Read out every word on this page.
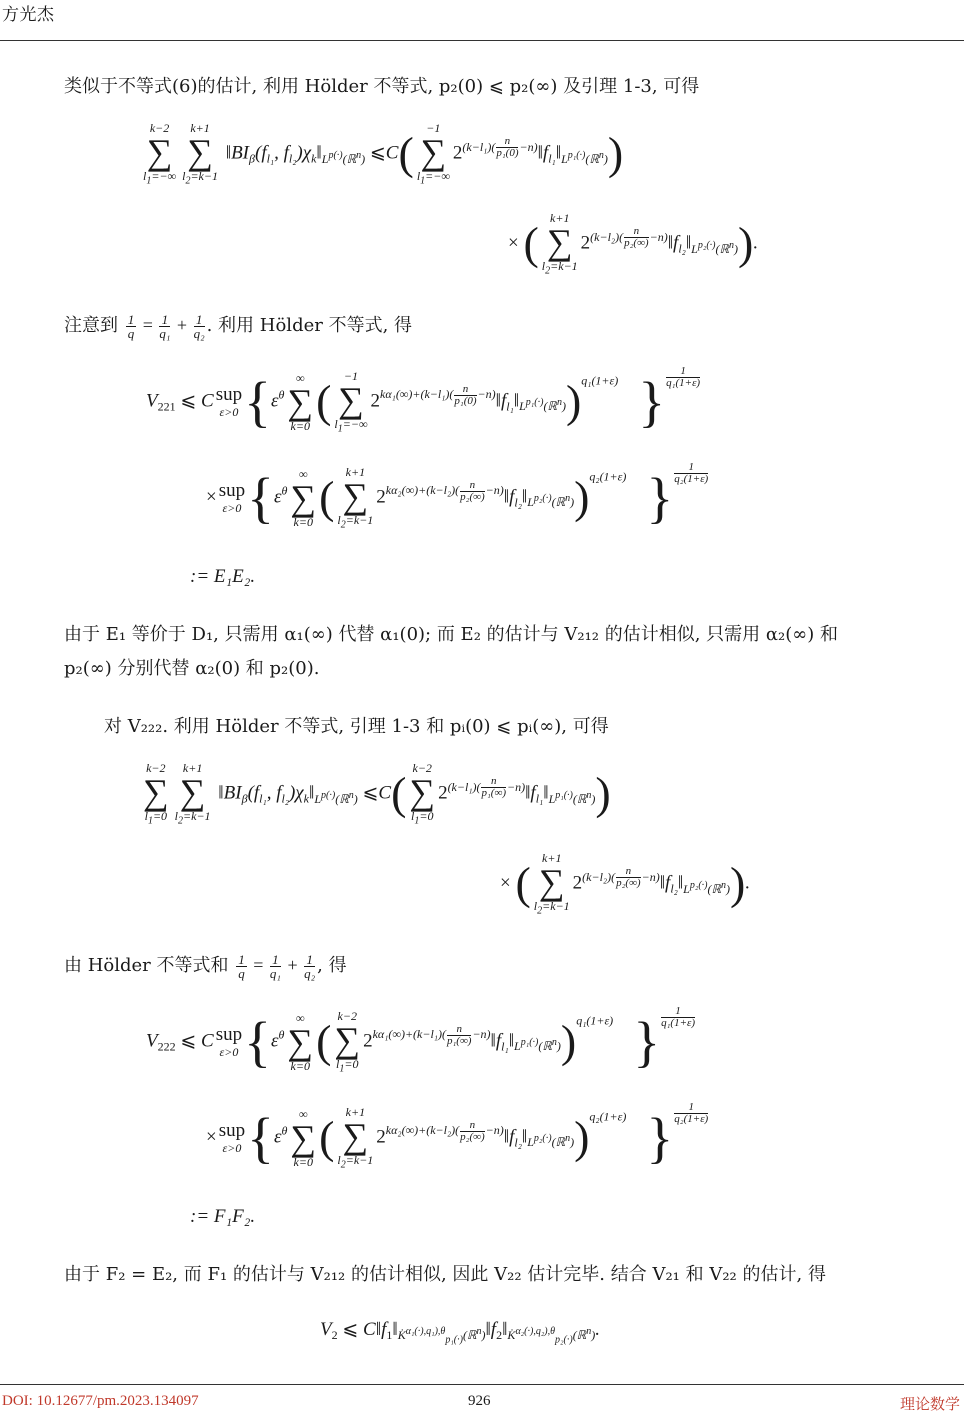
方光杰
类似于不等式(6)的估计, 利用 Hölder 不等式, p₂(0) ⩽ p₂(∞) 及引理 1-3, 可得
k−2
∑
$l_1=-\infty$
k+1
∑
$l_2=k-1$
$‖BI_\beta(f_{l_1}$, $f_{l_2})\chi_k‖_{L^{p(\cdot)}(ℝ^n)}$ ⩽C(	−1
∑
$l_1=-\infty$
$2^{(k-l_1)( \frac{n}{\text{p₁(0)}} -n)}‖f_{l_1}‖_{L^{p_1(\cdot)}(ℝ^n)}$)
× ( k+1
∑
$l_2=k-1$
$2^{(k-l_2)( \frac{n}{\text{p₂(∞)}} -n)}‖f_{l_2}‖_{L^{p_2(\cdot)}(ℝ^n)}$).
注意到 $\frac{1}{q} = \frac{1}{\text{q₁}} + \frac{1}{\text{q₂}}$ . 利用 Hölder 不等式, 得
$V_{221}$ ⩽ C sup
ε>0 {$\varepsilon^\theta$
∞
∑
k=0 (	−1
∑
$l_1=-\infty$
$2^{k\alpha_1(\infty)+(k-l_1)( \frac{n}{\text{p₁(0)}} -n)}‖f_{l_1}‖_{L^{p_1(\cdot)}(ℝ^n)})^{q_1(1+\varepsilon)}$ } $^{\frac{1}{\text{q₁(1+ε)}}}$
× sup
ε>0 {$\varepsilon^\theta$
∞
∑
k=0 ( k+1
∑
$l_2=k-1$
$2^{k\alpha_2(\infty)+(k-l_2)( \frac{n}{\text{p₂(∞)}} -n)}‖f_{l_2}‖_{L^{p_2(\cdot)}(ℝ^n)})^{q_2(1+\varepsilon)}$ } $^{\frac{1}{\text{q₂(1+ε)}}}$
:= E₁E₂.
由于 E₁ 等价于 D₁, 只需用 α₁(∞) 代替 α₁(0); 而 E₂ 的估计与 V₂₁₂ 的估计相似, 只需用 α₂(∞) 和
p₂(∞) 分别代替 α₂(0) 和 p₂(0).
对 V₂₂₂. 利用 Hölder 不等式, 引理 1-3 和 pᵢ(0) ⩽ pᵢ(∞), 可得
k−2
∑
$l_1=0$
k+1
∑
$l_2=k-1$
$‖BI_\beta(f_{l_1}$, $f_{l_2})\chi_k‖_{L^{p(\cdot)}(ℝ^n)}$ ⩽C( k−2
∑
$l_1=0$
$2^{(k-l_1)( \frac{n}{\text{p₁(∞)}} -n)}‖f_{l_1}‖_{L^{p_1(\cdot)}(ℝ^n)}$)
× ( k+1
∑
$l_2=k-1$
$2^{(k-l_2)( \frac{n}{\text{p₂(∞)}} -n)}‖f_{l_2}‖_{L^{p_2(\cdot)}(ℝ^n)}$).
由 Hölder 不等式和 $\frac{1}{q} = \frac{1}{\text{q₁}} + \frac{1}{\text{q₂}}$ , 得
$V_{222}$ ⩽ C sup
ε>0 {$\varepsilon^\theta$
∞
∑
k=0 ( k−2
∑
$l_1=0$
$2^{k\alpha_1(\infty)+(k-l_1)( \frac{n}{\text{p₁(∞)}} -n)}‖f_{l_1}‖_{L^{p_1(\cdot)}(ℝ^n)})^{q_1(1+\varepsilon)}$ } $^{\frac{1}{\text{q₁(1+ε)}}}$
× sup
ε>0 {$\varepsilon^\theta$
∞
∑
k=0 ( k+1
∑
$l_2=k-1$
$2^{k\alpha_2(\infty)+(k-l_2)( \frac{n}{\text{p₂(∞)}} -n)}‖f_{l_2}‖_{L^{p_2(\cdot)}(ℝ^n)})^{q_2(1+\varepsilon)}$ } $^{\frac{1}{\text{q₂(1+ε)}}}$
:= F₁F₂.
由于 F₂ = E₂, 而 F₁ 的估计与 V₂₁₂ 的估计相似, 因此 V₂₂ 估计完毕. 结合 V₂₁ 和 V₂₂ 的估计, 得
$V_2$ ⩽ $C‖f_1‖_{K̇^{\alpha_1(\cdot),q_1),\theta}_{p_1(\cdot)}(ℝ^n)}‖f_2‖_{K̇^{\alpha_2(\cdot),q_2),\theta}_{p_2(\cdot)}(ℝ^n)}$.
DOI: 10.12677/pm.2023.134097	926	理论数学
